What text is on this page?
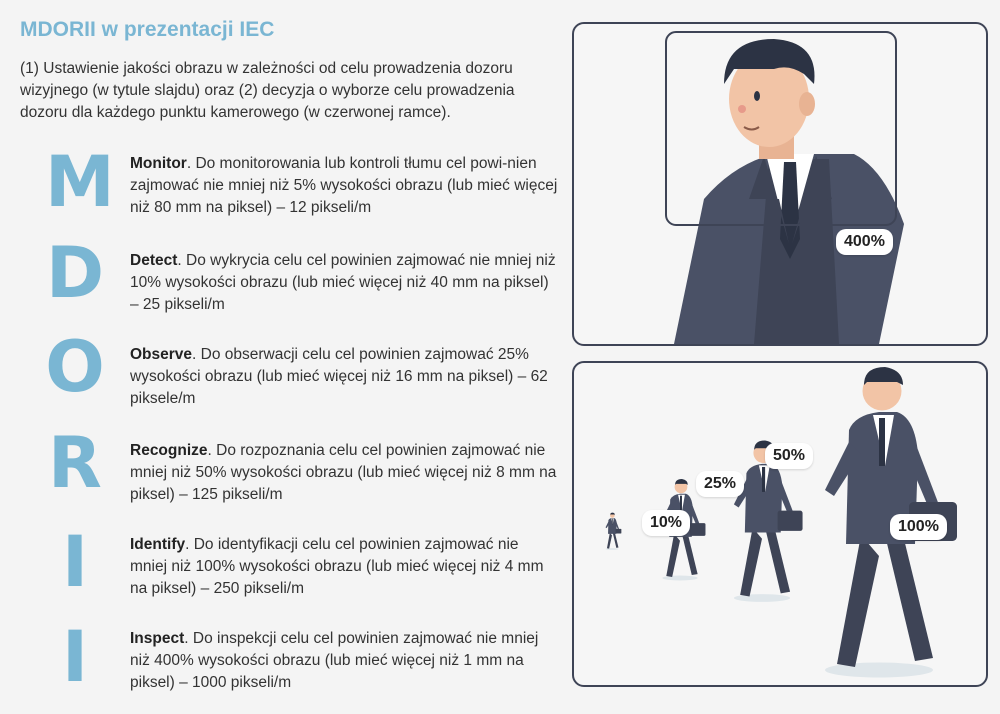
MDORII w prezentacji IEC
(1) Ustawienie jakości obrazu w zależności od celu prowadzenia dozoru wizyjnego (w tytule slajdu) oraz (2) decyzja o wyborze celu prowadzenia dozoru dla każdego punktu kamerowego (w czerwonej ramce).
M
D
O
R
I
I
Monitor. Do monitorowania lub kontroli tłumu cel powi-nien zajmować nie mniej niż 5% wysokości obrazu (lub mieć więcej niż 80 mm na piksel) – 12 pikseli/m
Detect. Do wykrycia celu cel powinien zajmować nie mniej niż 10% wysokości obrazu (lub mieć więcej niż 40 mm na piksel) – 25 pikseli/m
Observe. Do obserwacji celu cel powinien zajmować 25% wysokości obrazu (lub mieć więcej niż 16 mm na piksel) – 62 piksele/m
Recognize. Do rozpoznania celu cel powinien zajmować nie mniej niż 50% wysokości obrazu (lub mieć więcej niż 8 mm na piksel) – 125 pikseli/m
Identify. Do identyfikacji celu cel powinien zajmować nie mniej niż 100% wysokości obrazu (lub mieć więcej niż 4 mm na piksel) – 250 pikseli/m
Inspect. Do inspekcji celu cel powinien zajmować nie mniej niż 400% wysokości obrazu (lub mieć więcej niż 1 mm na piksel) – 1000 pikseli/m
400%
10%
25%
50%
100%
